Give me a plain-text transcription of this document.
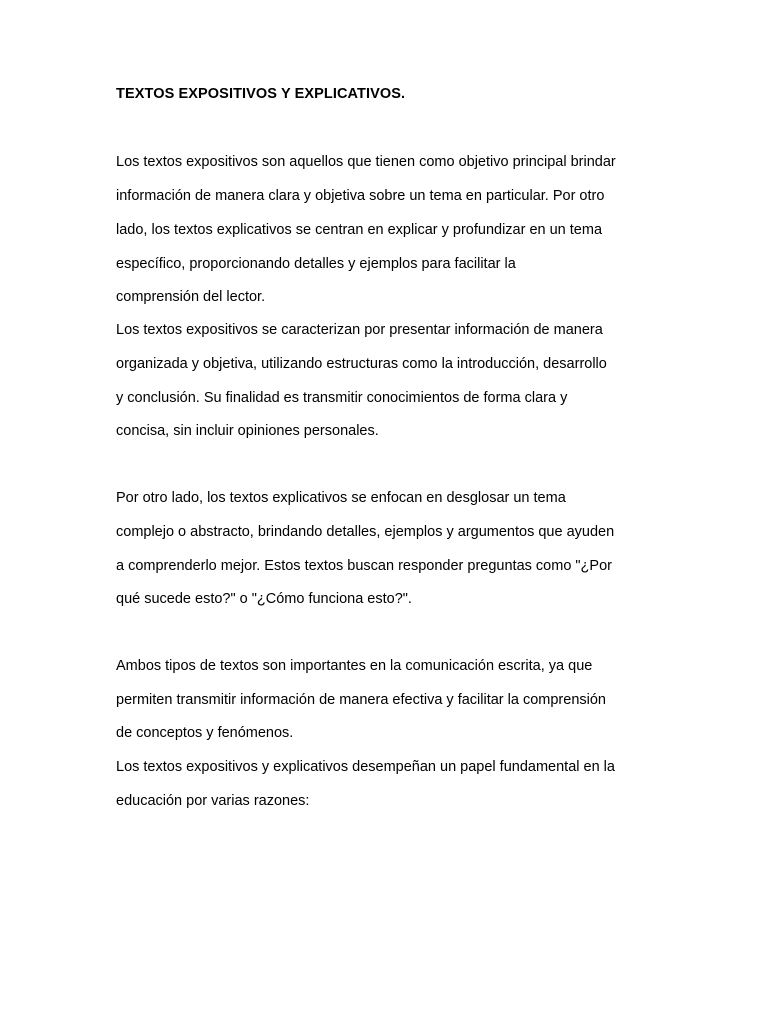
TEXTOS EXPOSITIVOS Y EXPLICATIVOS.
Los textos expositivos son aquellos que tienen como objetivo principal brindar
información de manera clara y objetiva sobre un tema en particular. Por otro
lado, los textos explicativos se centran en explicar y profundizar en un tema
específico, proporcionando detalles y ejemplos para facilitar la
comprensión del lector.
Los textos expositivos se caracterizan por presentar información de manera
organizada y objetiva, utilizando estructuras como la introducción, desarrollo
y conclusión. Su finalidad es transmitir conocimientos de forma clara y
concisa, sin incluir opiniones personales.
Por otro lado, los textos explicativos se enfocan en desglosar un tema
complejo o abstracto, brindando detalles, ejemplos y argumentos que ayuden
a comprenderlo mejor. Estos textos buscan responder preguntas como "¿Por
qué sucede esto?" o "¿Cómo funciona esto?".
Ambos tipos de textos son importantes en la comunicación escrita, ya que
permiten transmitir información de manera efectiva y facilitar la comprensión
de conceptos y fenómenos.
Los textos expositivos y explicativos desempeñan un papel fundamental en la
educación por varias razones:
